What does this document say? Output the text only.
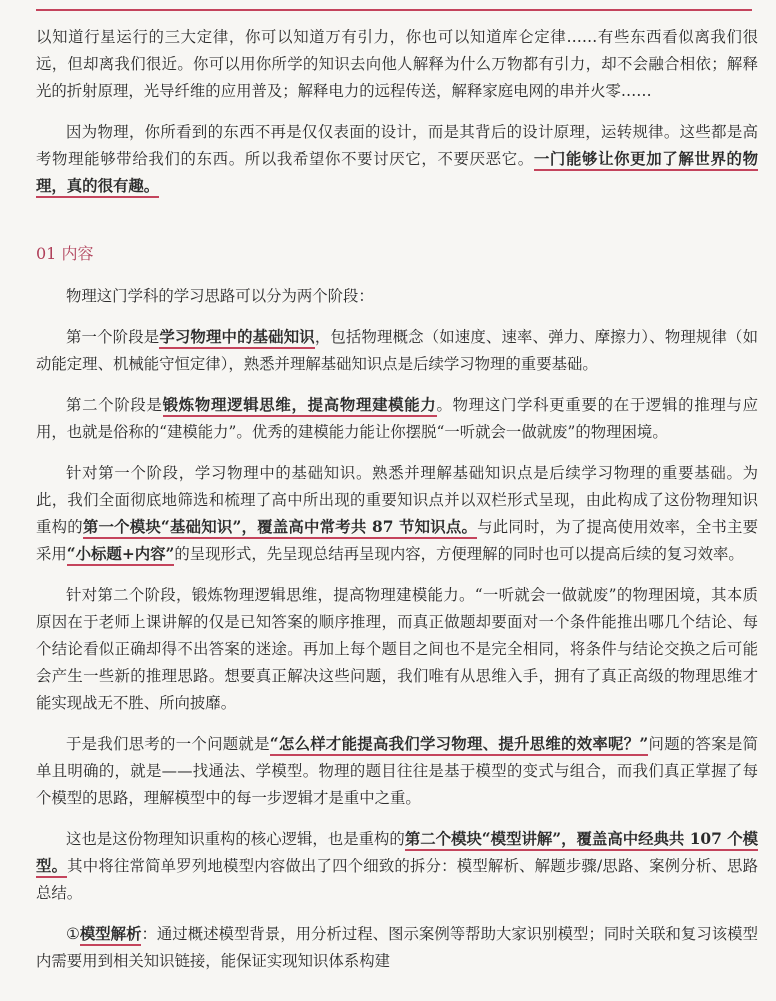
以知道行星运行的三大定律，你可以知道万有引力，你也可以知道库仑定律……有些东西看似离我们很远，但却离我们很近。你可以用你所学的知识去向他人解释为什么万物都有引力，却不会融合相依；解释光的折射原理，光导纤维的应用普及；解释电力的远程传送，解释家庭电网的串并火零……

因为物理，你所看到的东西不再是仅仅表面的设计，而是其背后的设计原理，运转规律。这些都是高考物理能够带给我们的东西。所以我希望你不要讨厌它，不要厌恶它。一门能够让你更加了解世界的物理，真的很有趣。

01 内容

物理这门学科的学习思路可以分为两个阶段：

第一个阶段是学习物理中的基础知识，包括物理概念（如速度、速率、弹力、摩擦力）、物理规律（如动能定理、机械能守恒定律），熟悉并理解基础知识点是后续学习物理的重要基础。

第二个阶段是锻炼物理逻辑思维，提高物理建模能力。物理这门学科更重要的在于逻辑的推理与应用，也就是俗称的“建模能力”。优秀的建模能力能让你摆脱“一听就会一做就废”的物理困境。

针对第一个阶段，学习物理中的基础知识。熟悉并理解基础知识点是后续学习物理的重要基础。为此，我们全面彻底地筛选和梳理了高中所出现的重要知识点并以双栏形式呈现，由此构成了这份物理知识重构的第一个模块“基础知识”，覆盖高中常考共 87 节知识点。与此同时，为了提高使用效率，全书主要采用“小标题+内容”的呈现形式，先呈现总结再呈现内容，方便理解的同时也可以提高后续的复习效率。

针对第二个阶段，锻炼物理逻辑思维，提高物理建模能力。“一听就会一做就废”的物理困境，其本质原因在于老师上课讲解的仅是已知答案的顺序推理，而真正做题却要面对一个条件能推出哪几个结论、每个结论看似正确却得不出答案的迷途。再加上每个题目之间也不是完全相同，将条件与结论交换之后可能会产生一些新的推理思路。想要真正解决这些问题，我们唯有从思维入手，拥有了真正高级的物理思维才能实现战无不胜、所向披靡。

于是我们思考的一个问题就是“怎么样才能提高我们学习物理、提升思维的效率呢？”问题的答案是简单且明确的，就是——找通法、学模型。物理的题目往往是基于模型的变式与组合，而我们真正掌握了每个模型的思路，理解模型中的每一步逻辑才是重中之重。

这也是这份物理知识重构的核心逻辑，也是重构的第二个模块“模型讲解”，覆盖高中经典共 107 个模型。其中将往常简单罗列地模型内容做出了四个细致的拆分：模型解析、解题步骤/思路、案例分析、思路总结。

①模型解析：通过概述模型背景，用分析过程、图示案例等帮助大家识别模型；同时关联和复习该模型内需要用到相关知识链接，能保证实现知识体系构建
